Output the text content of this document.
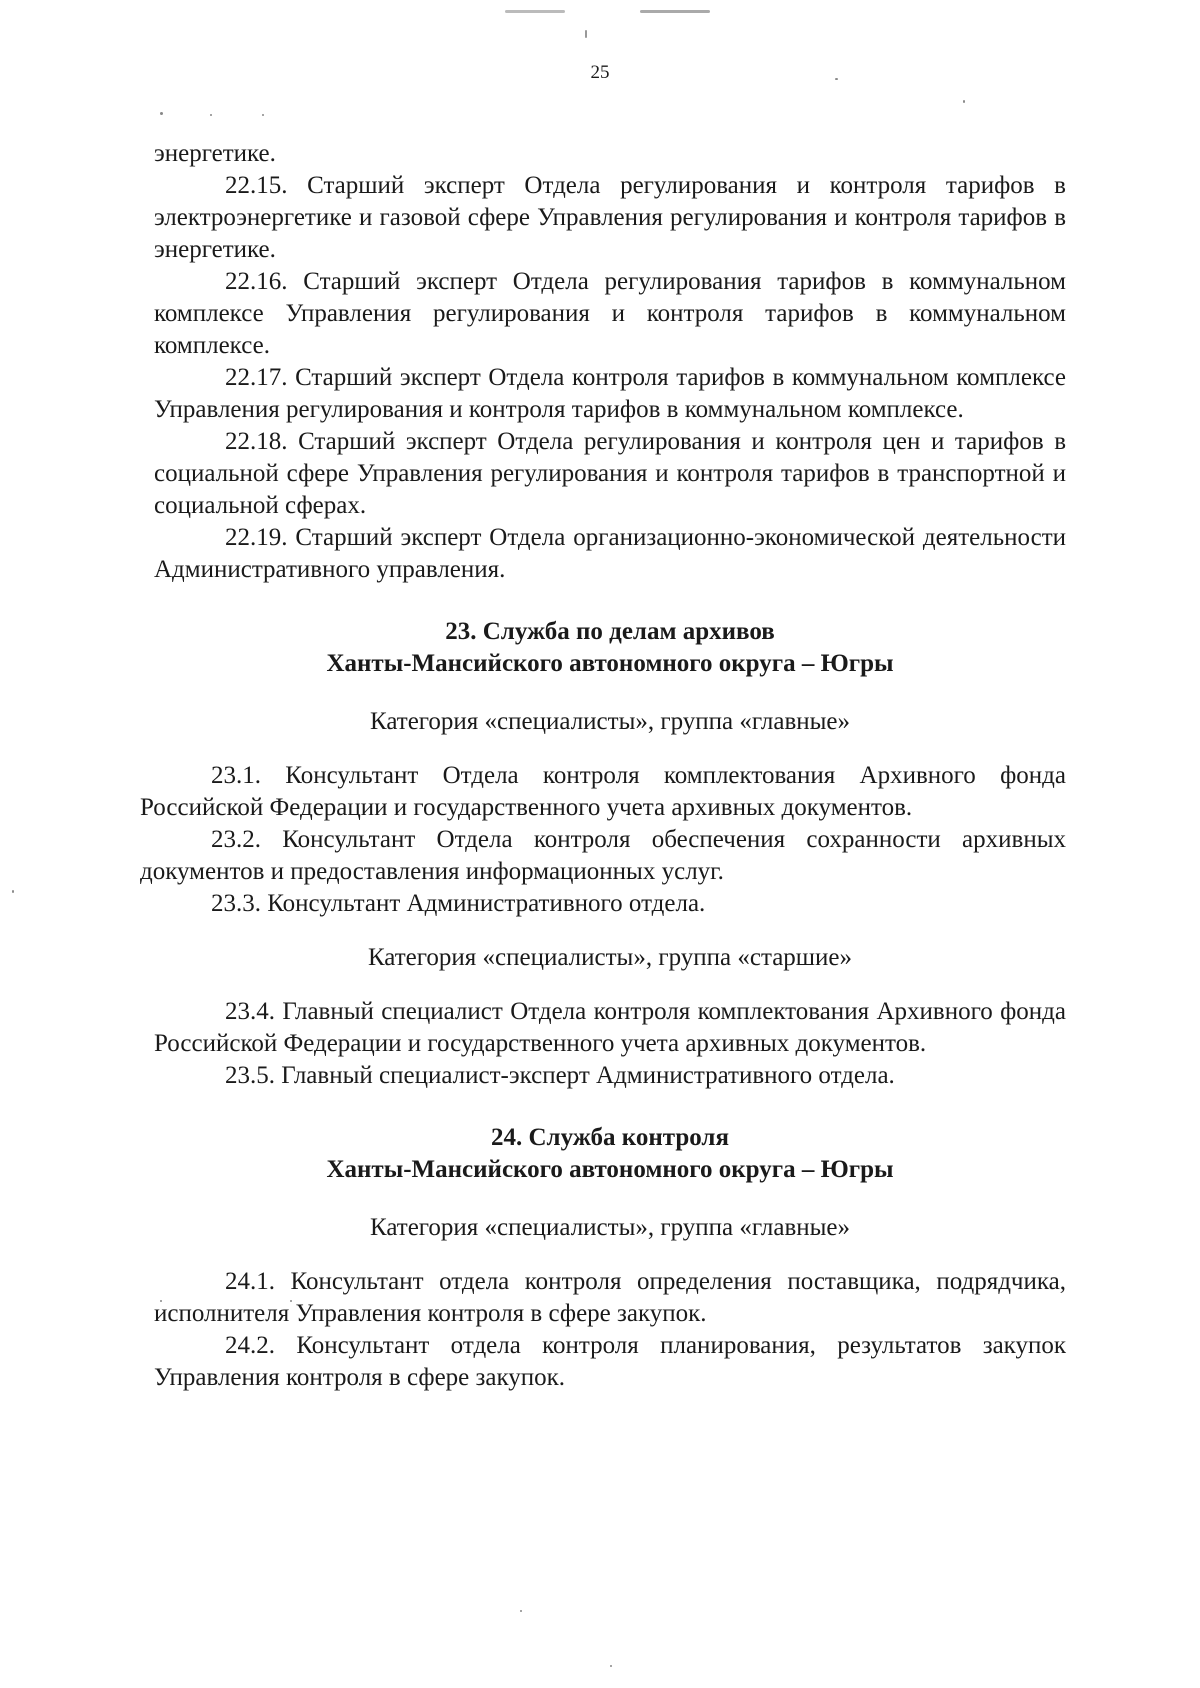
25

энергетике.

22.15. Старший эксперт Отдела регулирования и контроля тарифов в электроэнергетике и газовой сфере Управления регулирования и контроля тарифов в энергетике.

22.16. Старший эксперт Отдела регулирования тарифов в коммунальном комплексе Управления регулирования и контроля тарифов в коммунальном комплексе.

22.17. Старший эксперт Отдела контроля тарифов в коммунальном комплексе Управления регулирования и контроля тарифов в коммунальном комплексе.

22.18. Старший эксперт Отдела регулирования и контроля цен и тарифов в социальной сфере Управления регулирования и контроля тарифов в транспортной и социальной сферах.

22.19. Старший эксперт Отдела организационно-экономической деятельности Административного управления.

23. Служба по делам архивов

Ханты-Мансийского автономного округа – Югры

Категория «специалисты», группа «главные»

23.1. Консультант Отдела контроля комплектования Архивного фонда Российской Федерации и государственного учета архивных документов.

23.2. Консультант Отдела контроля обеспечения сохранности архивных документов и предоставления информационных услуг.

23.3. Консультант Административного отдела.

Категория «специалисты», группа «старшие»

23.4. Главный специалист Отдела контроля комплектования Архивного фонда Российской Федерации и государственного учета архивных документов.

23.5. Главный специалист-эксперт Административного отдела.

24. Служба контроля

Ханты-Мансийского автономного округа – Югры

Категория «специалисты», группа «главные»

24.1. Консультант отдела контроля определения поставщика, подрядчика, исполнителя Управления контроля в сфере закупок.

24.2. Консультант отдела контроля планирования, результатов закупок Управления контроля в сфере закупок.
